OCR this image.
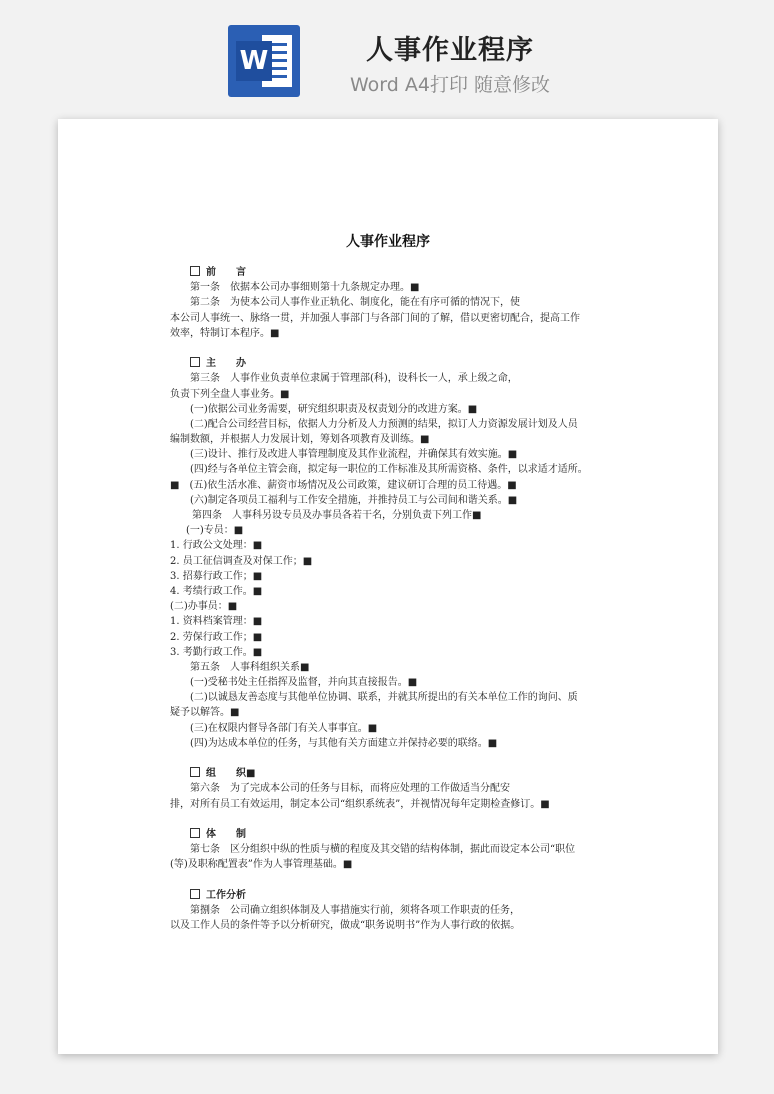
W	人事作业程序
Word A4打印 随意修改
人事作业程序
前　　言
第一条　依据本公司办事细则第十九条规定办理。■
第二条　为使本公司人事作业正轨化、制度化，能在有序可循的情况下，使
本公司人事统一、脉络一贯，并加强人事部门与各部门间的了解，借以更密切配合，提高工作
效率，特制订本程序。■
主　　办
第三条　人事作业负责单位隶属于管理部(科)，设科长一人，承上级之命，
负责下列全盘人事业务。■
(一)依据公司业务需要，研究组织职责及权责划分的改进方案。■
(二)配合公司经营目标，依据人力分析及人力预测的结果，拟订人力资源发展计划及人员
编制数额，并根据人力发展计划，筹划各项教育及训练。■
(三)设计、推行及改进人事管理制度及其作业流程，并确保其有效实施。■
(四)经与各单位主管会商，拟定每一职位的工作标准及其所需资格、条件，以求适才适所。
■　(五)依生活水准、薪资市场情况及公司政策，建议研订合理的员工待遇。■
(六)制定各项员工福利与工作安全措施，并推持员工与公司间和谐关系。■
第四条　人事科另设专员及办事员各若干名，分别负责下列工作■
(一)专员：■
1. 行政公文处理：■
2. 员工征信调查及对保工作；■
3. 招募行政工作；■
4. 考绩行政工作。■
(二)办事员：■
1. 资料档案管理：■
2. 劳保行政工作；■
3. 考勤行政工作。■
第五条　人事科组织关系■
(一)受秘书处主任指挥及监督，并向其直接报告。■
(二)以诚恳友善态度与其他单位协调、联系，并就其所提出的有关本单位工作的询问、质
疑予以解答。■
(三)在权限内督导各部门有关人事事宜。■
(四)为达成本单位的任务，与其他有关方面建立并保持必要的联络。■
组　　织■
第六条　为了完成本公司的任务与目标，而将应处理的工作做适当分配安
排，对所有员工有效运用，制定本公司“组织系统表”，并视情况每年定期检查修订。■
体　　制
第七条　区分组织中纵的性质与横的程度及其交错的结构体制，据此而设定本公司“职位
(等)及职称配置表”作为人事管理基础。■
工作分析
第捌条　公司确立组织体制及人事措施实行前，须将各项工作职责的任务，
以及工作人员的条件等予以分析研究，做成“职务说明书”作为人事行政的依据。
